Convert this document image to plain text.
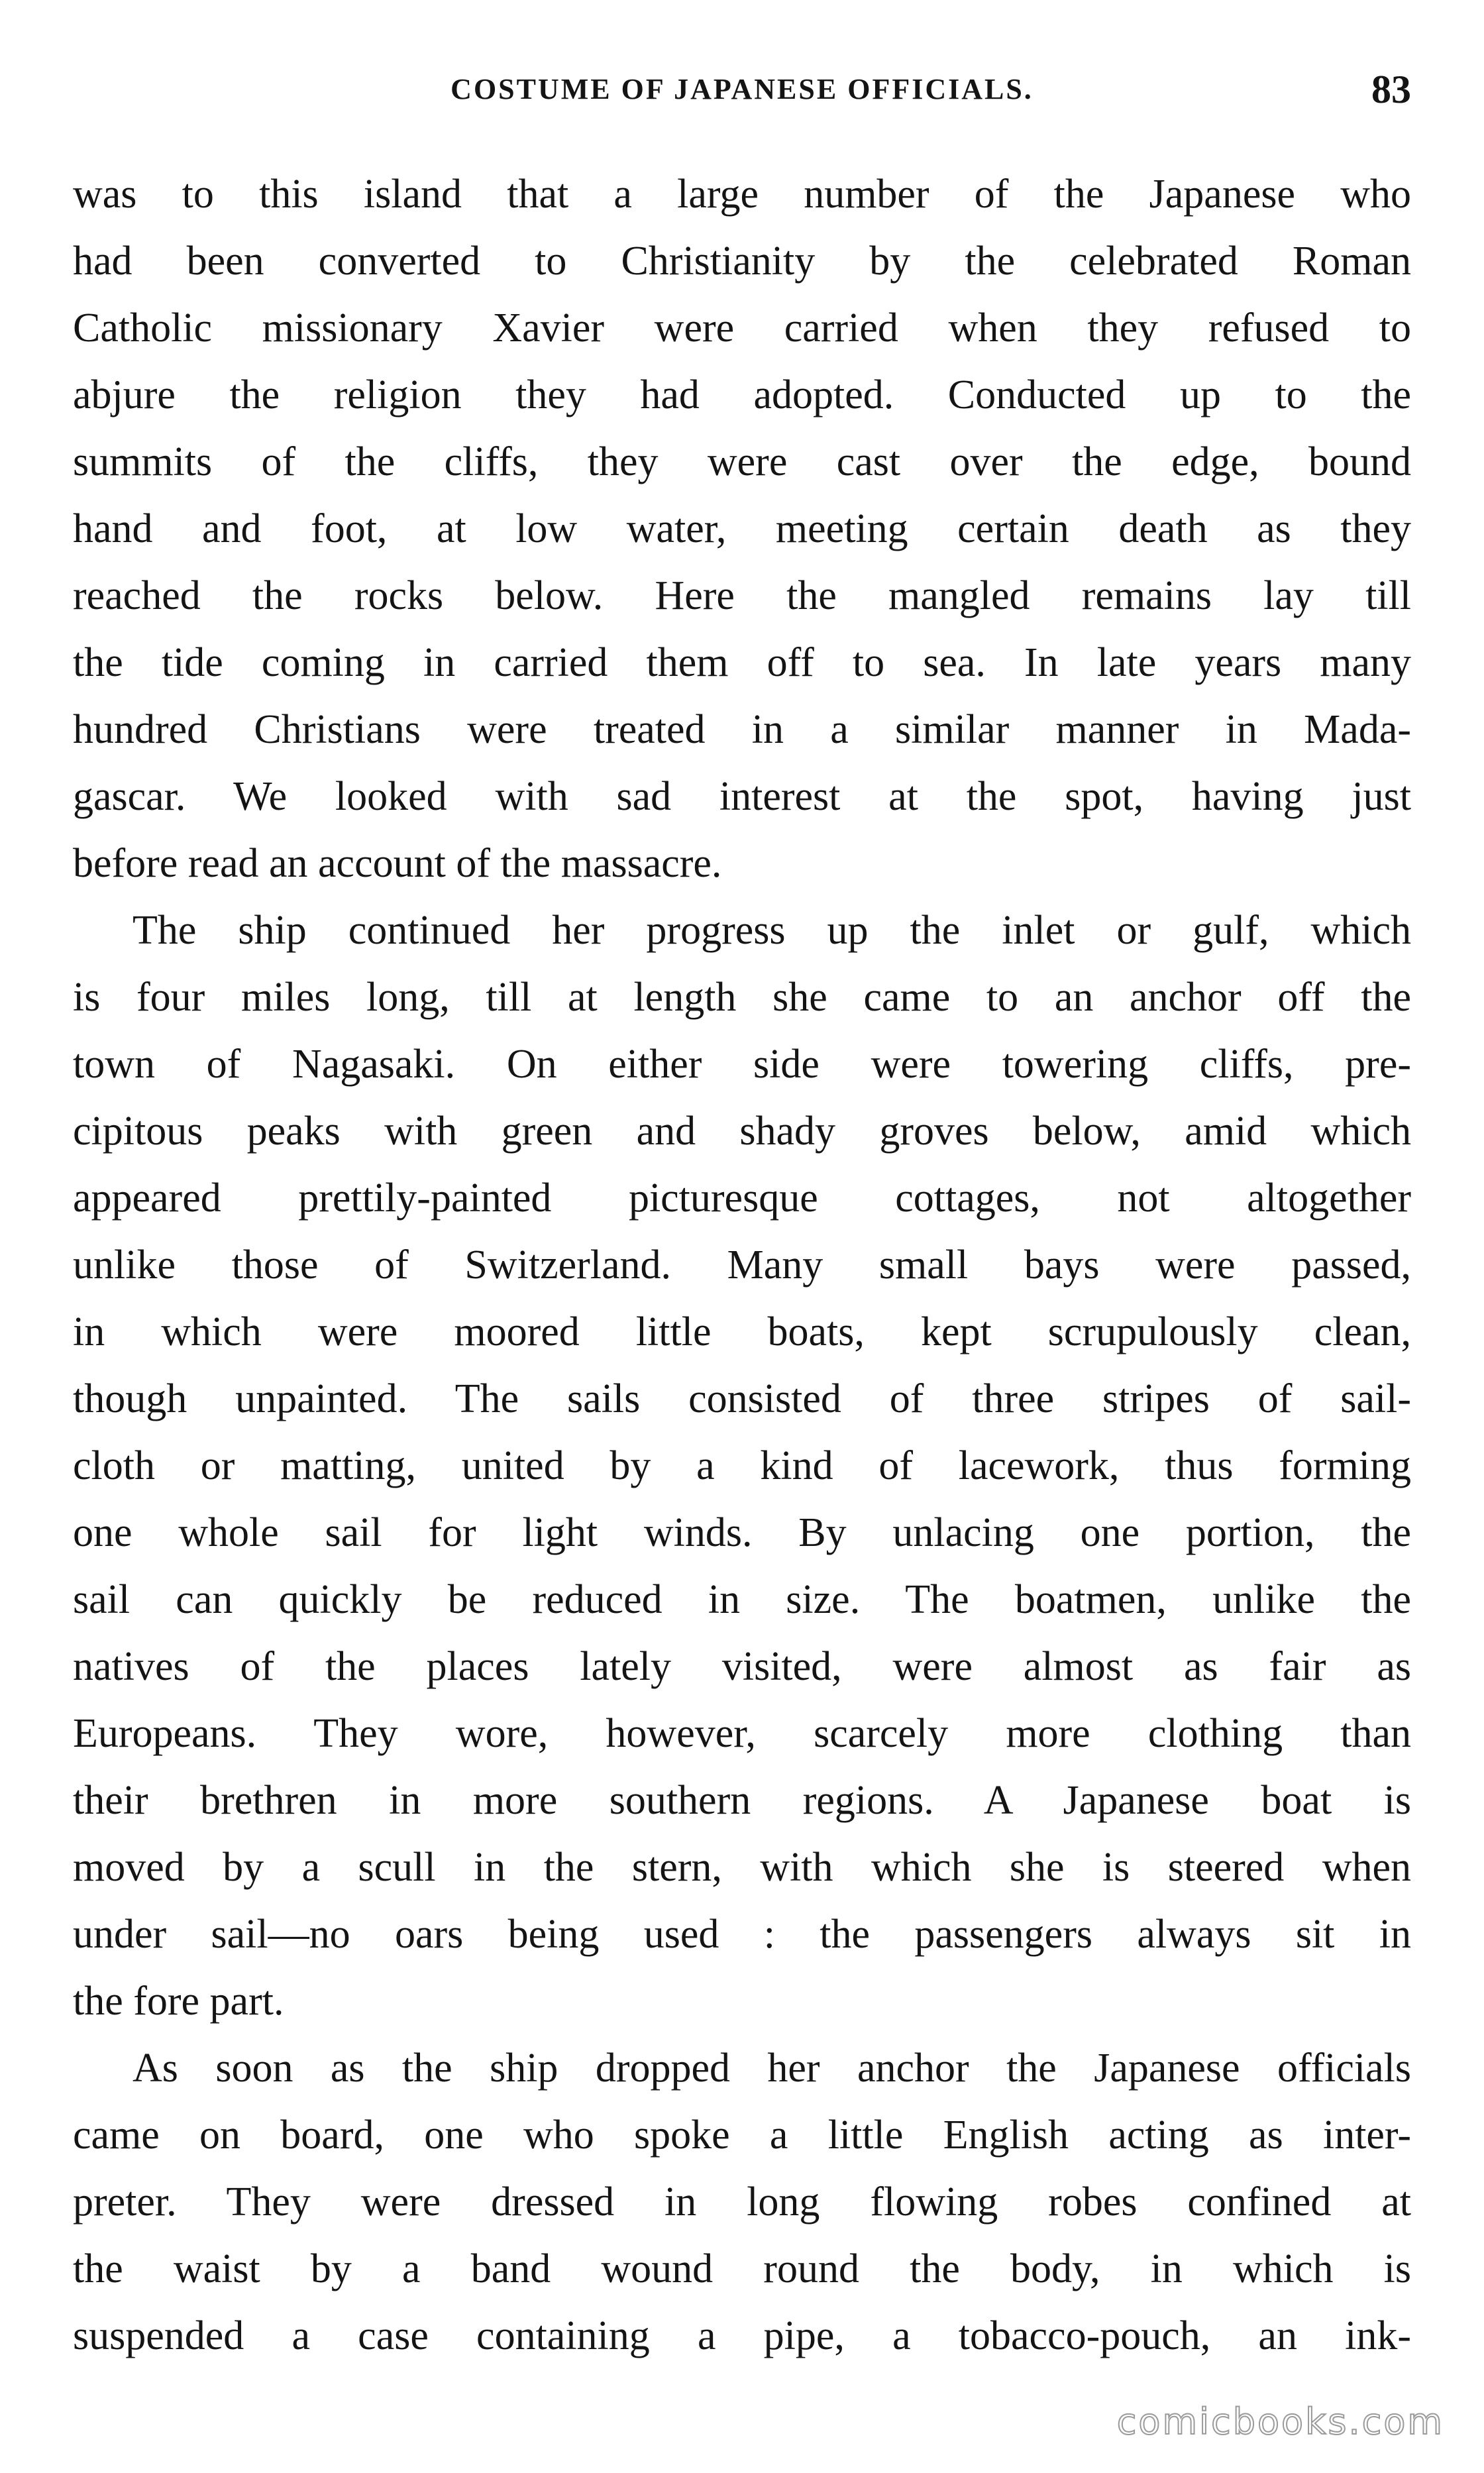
COSTUME OF JAPANESE OFFICIALS.	83
was to this island that a large number of the Japanese who
had been converted to Christianity by the celebrated Roman
Catholic missionary Xavier were carried when they refused to
abjure the religion they had adopted. Conducted up to the
summits of the cliffs, they were cast over the edge, bound
hand and foot, at low water, meeting certain death as they
reached the rocks below. Here the mangled remains lay till
the tide coming in carried them off to sea. In late years many
hundred Christians were treated in a similar manner in Mada-
gascar. We looked with sad interest at the spot, having just
before read an account of the massacre.
The ship continued her progress up the inlet or gulf, which
is four miles long, till at length she came to an anchor off the
town of Nagasaki. On either side were towering cliffs, pre-
cipitous peaks with green and shady groves below, amid which
appeared prettily-painted picturesque cottages, not altogether
unlike those of Switzerland. Many small bays were passed,
in which were moored little boats, kept scrupulously clean,
though unpainted. The sails consisted of three stripes of sail-
cloth or matting, united by a kind of lacework, thus forming
one whole sail for light winds. By unlacing one portion, the
sail can quickly be reduced in size. The boatmen, unlike the
natives of the places lately visited, were almost as fair as
Europeans. They wore, however, scarcely more clothing than
their brethren in more southern regions. A Japanese boat is
moved by a scull in the stern, with which she is steered when
under sail—no oars being used : the passengers always sit in
the fore part.
As soon as the ship dropped her anchor the Japanese officials
came on board, one who spoke a little English acting as inter-
preter. They were dressed in long flowing robes confined at
the waist by a band wound round the body, in which is
suspended a case containing a pipe, a tobacco-pouch, an ink-
comicbooks.com
